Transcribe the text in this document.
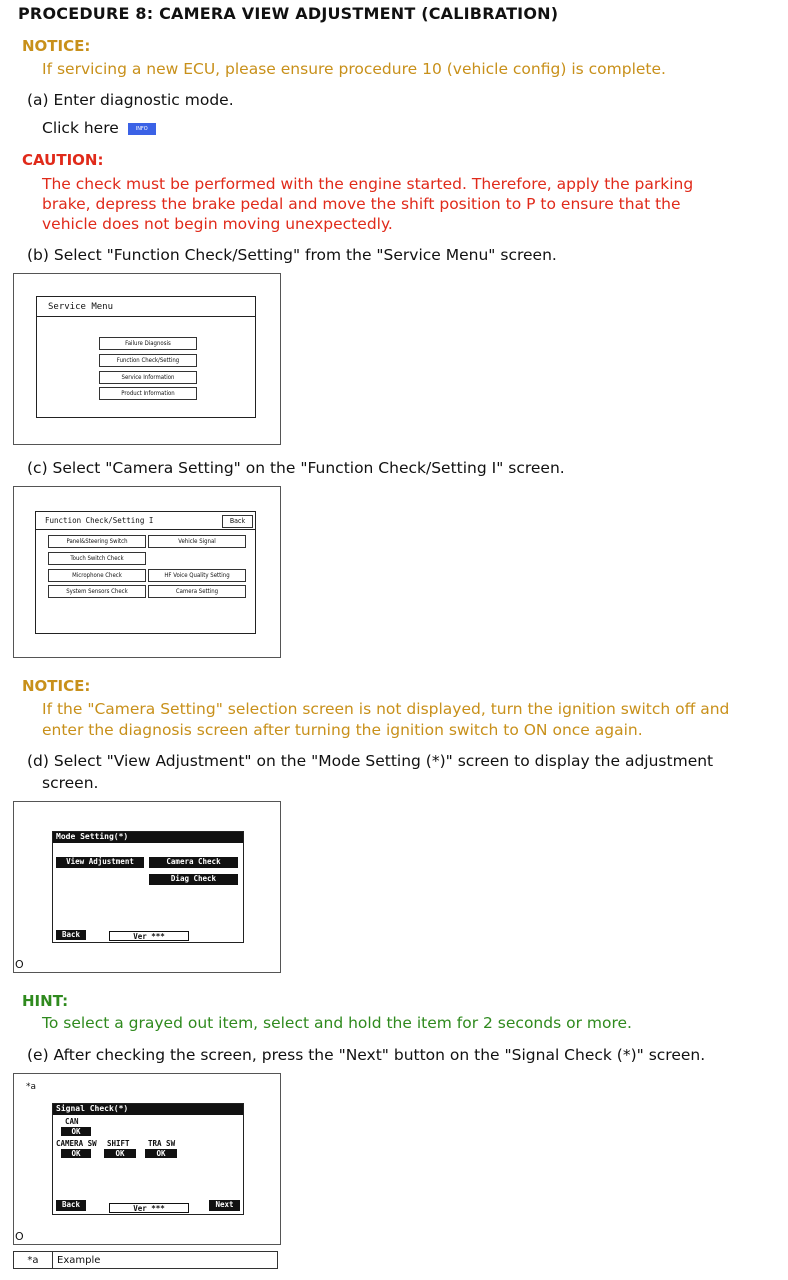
PROCEDURE 8: CAMERA VIEW ADJUSTMENT (CALIBRATION)
NOTICE:
If servicing a new ECU, please ensure procedure 10 (vehicle config) is complete.
(a) Enter diagnostic mode.
Click here	INFO
CAUTION:
The check must be performed with the engine started. Therefore, apply the parking
brake, depress the brake pedal and move the shift position to P to ensure that the
vehicle does not begin moving unexpectedly.
(b) Select "Function Check/Setting" from the "Service Menu" screen.
Service Menu
Failure Diagnosis
Function Check/Setting
Service Information
Product Information
(c) Select "Camera Setting" on the "Function Check/Setting I" screen.
Function Check/Setting I	Back
Panel&Steering Switch
Touch Switch Check
Microphone Check
System Sensors Check
Vehicle Signal
HF Voice Quality Setting
Camera Setting
NOTICE:
If the "Camera Setting" selection screen is not displayed, turn the ignition switch off and
enter the diagnosis screen after turning the ignition switch to ON once again.
(d) Select "View Adjustment" on the "Mode Setting (*)" screen to display the adjustment
screen.
Mode Setting(*)
View Adjustment	Camera Check
Diag Check
Back	Ver ***
O
HINT:
To select a grayed out item, select and hold the item for 2 seconds or more.
(e) After checking the screen, press the "Next" button on the "Signal Check (*)" screen.
*a
Signal Check(*)
CAN
OK
CAMERA SW
OK
SHIFT
OK
TRA SW
OK
Back	Ver ***	Next
O
*a	Example
